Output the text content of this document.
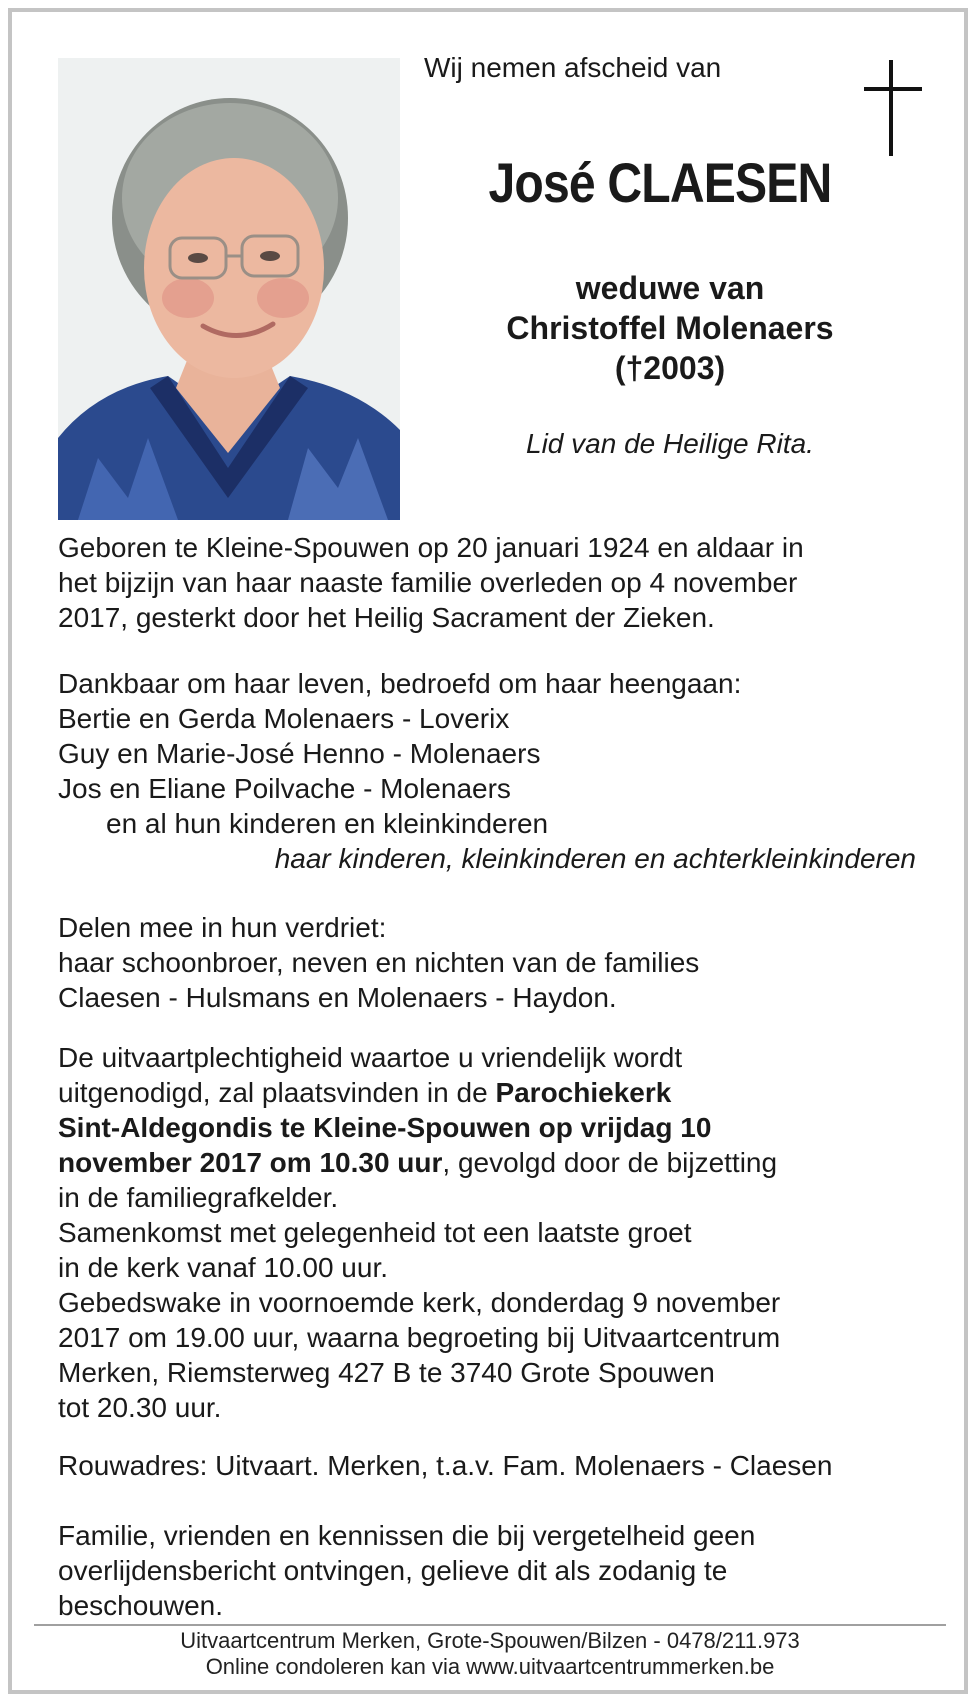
Wij nemen afscheid van
José CLAESEN
weduwe van
Christoffel Molenaers
(†2003)
Lid van de Heilige Rita.
Geboren te Kleine-Spouwen op 20 januari 1924 en aldaar in
het bijzijn van haar naaste familie overleden op 4 november
2017, gesterkt door het Heilig Sacrament der Zieken.
Dankbaar om haar leven, bedroefd om haar heengaan:
Bertie en Gerda Molenaers - Loverix
Guy en Marie-José Henno - Molenaers
Jos en Eliane Poilvache - Molenaers
en al hun kinderen en kleinkinderen
haar kinderen, kleinkinderen en achterkleinkinderen
Delen mee in hun verdriet:
haar schoonbroer, neven en nichten van de families
Claesen - Hulsmans en Molenaers - Haydon.
De uitvaartplechtigheid waartoe u vriendelijk wordt
uitgenodigd, zal plaatsvinden in de Parochiekerk
Sint-Aldegondis te Kleine-Spouwen op vrijdag 10
november 2017 om 10.30 uur, gevolgd door de bijzetting
in de familiegrafkelder.
Samenkomst met gelegenheid tot een laatste groet
in de kerk vanaf 10.00 uur.
Gebedswake in voornoemde kerk, donderdag 9 november
2017 om 19.00 uur, waarna begroeting bij Uitvaartcentrum
Merken, Riemsterweg 427 B te 3740 Grote Spouwen
tot 20.30 uur.
Rouwadres: Uitvaart. Merken, t.a.v. Fam. Molenaers - Claesen
Familie, vrienden en kennissen die bij vergetelheid geen
overlijdensbericht ontvingen, gelieve dit als zodanig te
beschouwen.
Uitvaartcentrum Merken, Grote-Spouwen/Bilzen - 0478/211.973
Online condoleren kan via www.uitvaartcentrummerken.be
